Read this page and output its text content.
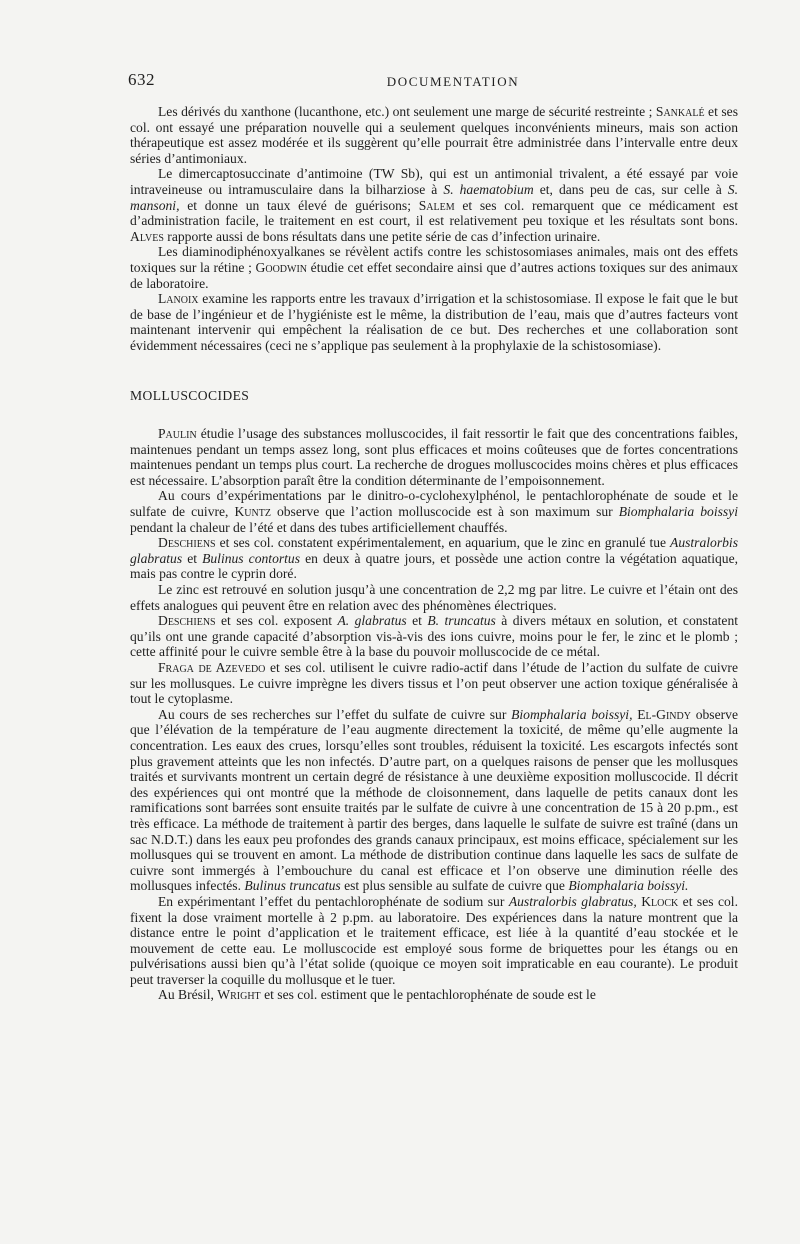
632	DOCUMENTATION

Les dérivés du xanthone (lucanthone, etc.) ont seulement une marge de sécurité restreinte ; Sankalé et ses col. ont essayé une préparation nouvelle qui a seulement quelques inconvénients mineurs, mais son action thérapeutique est assez modérée et ils suggèrent qu’elle pourrait être administrée dans l’intervalle entre deux séries d’antimoniaux.

Le dimercaptosuccinate d’antimoine (TW Sb), qui est un antimonial trivalent, a été essayé par voie intraveineuse ou intramusculaire dans la bilharziose à S. haematobium et, dans peu de cas, sur celle à S. mansoni, et donne un taux élevé de guérisons; Salem et ses col. remarquent que ce médicament est d’administration facile, le traitement en est court, il est relativement peu toxique et les résultats sont bons. Alves rapporte aussi de bons résultats dans une petite série de cas d’infection urinaire.

Les diaminodiphénoxyalkanes se révèlent actifs contre les schistosomiases animales, mais ont des effets toxiques sur la rétine ; Goodwin étudie cet effet secondaire ainsi que d’autres actions toxiques sur des animaux de laboratoire.

Lanoix examine les rapports entre les travaux d’irrigation et la schistosomiase. Il expose le fait que le but de base de l’ingénieur et de l’hygiéniste est le même, la distribution de l’eau, mais que d’autres facteurs vont maintenant intervenir qui empêchent la réalisation de ce but. Des recherches et une collaboration sont évidemment nécessaires (ceci ne s’applique pas seulement à la prophylaxie de la schistosomiase).

MOLLUSCOCIDES

Paulin étudie l’usage des substances molluscocides, il fait ressortir le fait que des concentrations faibles, maintenues pendant un temps assez long, sont plus efficaces et moins coûteuses que de fortes concentrations maintenues pendant un temps plus court. La recherche de drogues molluscocides moins chères et plus efficaces est nécessaire. L’absorption paraît être la condition déterminante de l’empoisonnement.

Au cours d’expérimentations par le dinitro-o-cyclohexylphénol, le pentachlorophénate de soude et le sulfate de cuivre, Kuntz observe que l’action molluscocide est à son maximum sur Biomphalaria boissyi pendant la chaleur de l’été et dans des tubes artificiellement chauffés.

Deschiens et ses col. constatent expérimentalement, en aquarium, que le zinc en granulé tue Australorbis glabratus et Bulinus contortus en deux à quatre jours, et possède une action contre la végétation aquatique, mais pas contre le cyprin doré.

Le zinc est retrouvé en solution jusqu’à une concentration de 2,2 mg par litre. Le cuivre et l’étain ont des effets analogues qui peuvent être en relation avec des phénomènes électriques.

Deschiens et ses col. exposent A. glabratus et B. truncatus à divers métaux en solution, et constatent qu’ils ont une grande capacité d’absorption vis-à-vis des ions cuivre, moins pour le fer, le zinc et le plomb ; cette affinité pour le cuivre semble être à la base du pouvoir molluscocide de ce métal.

Fraga de Azevedo et ses col. utilisent le cuivre radio-actif dans l’étude de l’action du sulfate de cuivre sur les mollusques. Le cuivre imprègne les divers tissus et l’on peut observer une action toxique généralisée à tout le cytoplasme.

Au cours de ses recherches sur l’effet du sulfate de cuivre sur Biomphalaria boissyi, El-Gindy observe que l’élévation de la température de l’eau augmente directement la toxicité, de même qu’elle augmente la concentration. Les eaux des crues, lorsqu’elles sont troubles, réduisent la toxicité. Les escargots infectés sont plus gravement atteints que les non infectés. D’autre part, on a quelques raisons de penser que les mollusques traités et survivants montrent un certain degré de résistance à une deuxième exposition molluscocide. Il décrit des expériences qui ont montré que la méthode de cloisonnement, dans laquelle de petits canaux dont les ramifications sont barrées sont ensuite traités par le sulfate de cuivre à une concentration de 15 à 20 p.pm., est très efficace. La méthode de traitement à partir des berges, dans laquelle le sulfate de suivre est traîné (dans un sac N.D.T.) dans les eaux peu profondes des grands canaux principaux, est moins efficace, spécialement sur les mollusques qui se trouvent en amont. La méthode de distribution continue dans laquelle les sacs de sulfate de cuivre sont immergés à l’embouchure du canal est efficace et l’on observe une diminution réelle des mollusques infectés. Bulinus truncatus est plus sensible au sulfate de cuivre que Biomphalaria boissyi.

En expérimentant l’effet du pentachlorophénate de sodium sur Australorbis glabratus, Klock et ses col. fixent la dose vraiment mortelle à 2 p.pm. au laboratoire. Des expériences dans la nature montrent que la distance entre le point d’application et le traitement efficace, est liée à la quantité d’eau stockée et le mouvement de cette eau. Le molluscocide est employé sous forme de briquettes pour les étangs ou en pulvérisations aussi bien qu’à l’état solide (quoique ce moyen soit impraticable en eau courante). Le produit peut traverser la coquille du mollusque et le tuer.

Au Brésil, Wright et ses col. estiment que le pentachlorophénate de soude est le
